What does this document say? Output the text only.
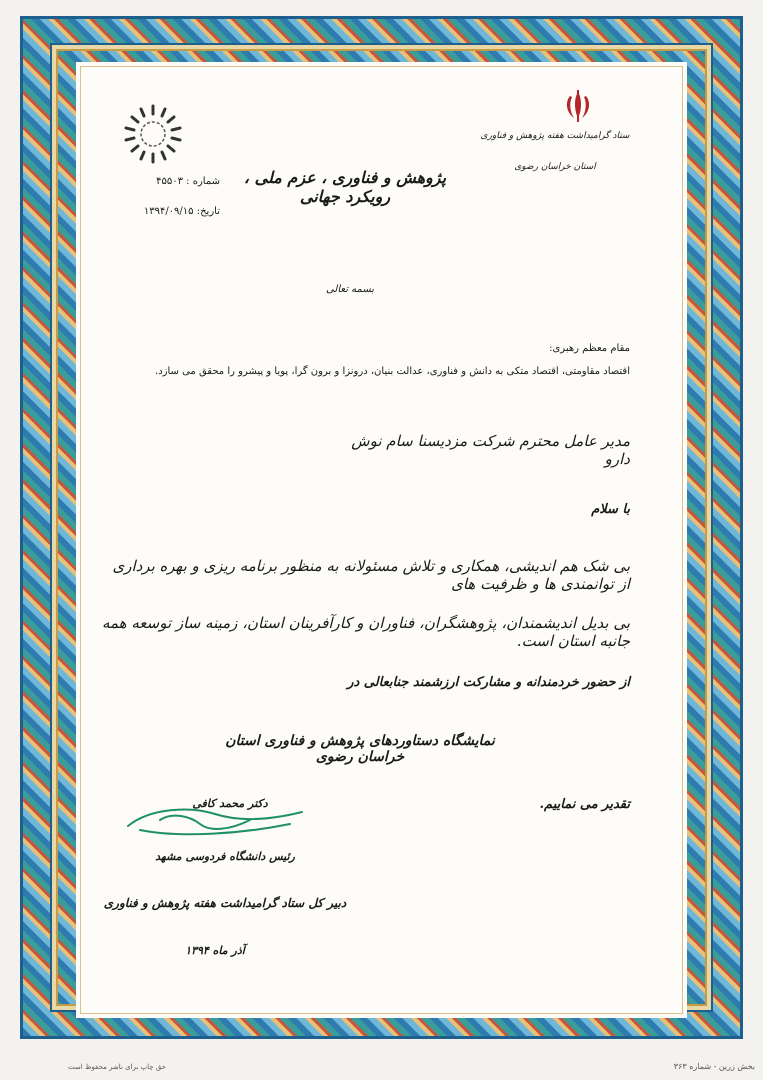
ستاد گرامیداشت هفته پژوهش و فناوری
استان خراسان رضوی
پژوهش و فناوری ، عزم ملی ، رویکرد جهانی
شماره : ۴۵۵۰۳
تاریخ: ۱۳۹۴/۰۹/۱۵
بسمه تعالی
مقام معظم رهبری:
اقتصاد مقاومتی، اقتصاد متکی به دانش و فناوری، عدالت بنیان، درونزا و برون گرا، پویا و پیشرو را محقق می سازد.
مدیر عامل محترم شرکت مزدیسنا سام نوش دارو
با سلام
بی شک هم اندیشی، همکاری و تلاش مسئولانه به منظور برنامه ریزی و بهره برداری از توانمندی ها و ظرفیت های
بی بدیل اندیشمندان، پژوهشگران، فناوران و کارآفرینان استان، زمینه ساز توسعه همه جانبه استان است.
از حضور خردمندانه و مشارکت ارزشمند جنابعالی در
نمایشگاه دستاوردهای پژوهش و فناوری استان خراسان رضوی
تقدیر می نماییم.
دکتر محمد کافی
رئیس دانشگاه فردوسی مشهد
دبیر کل ستاد گرامیداشت هفته پژوهش و فناوری
آذر ماه ۱۳۹۴
حق چاپ برای ناشر محفوظ است	بخش زرین - شماره ۳۶۳
